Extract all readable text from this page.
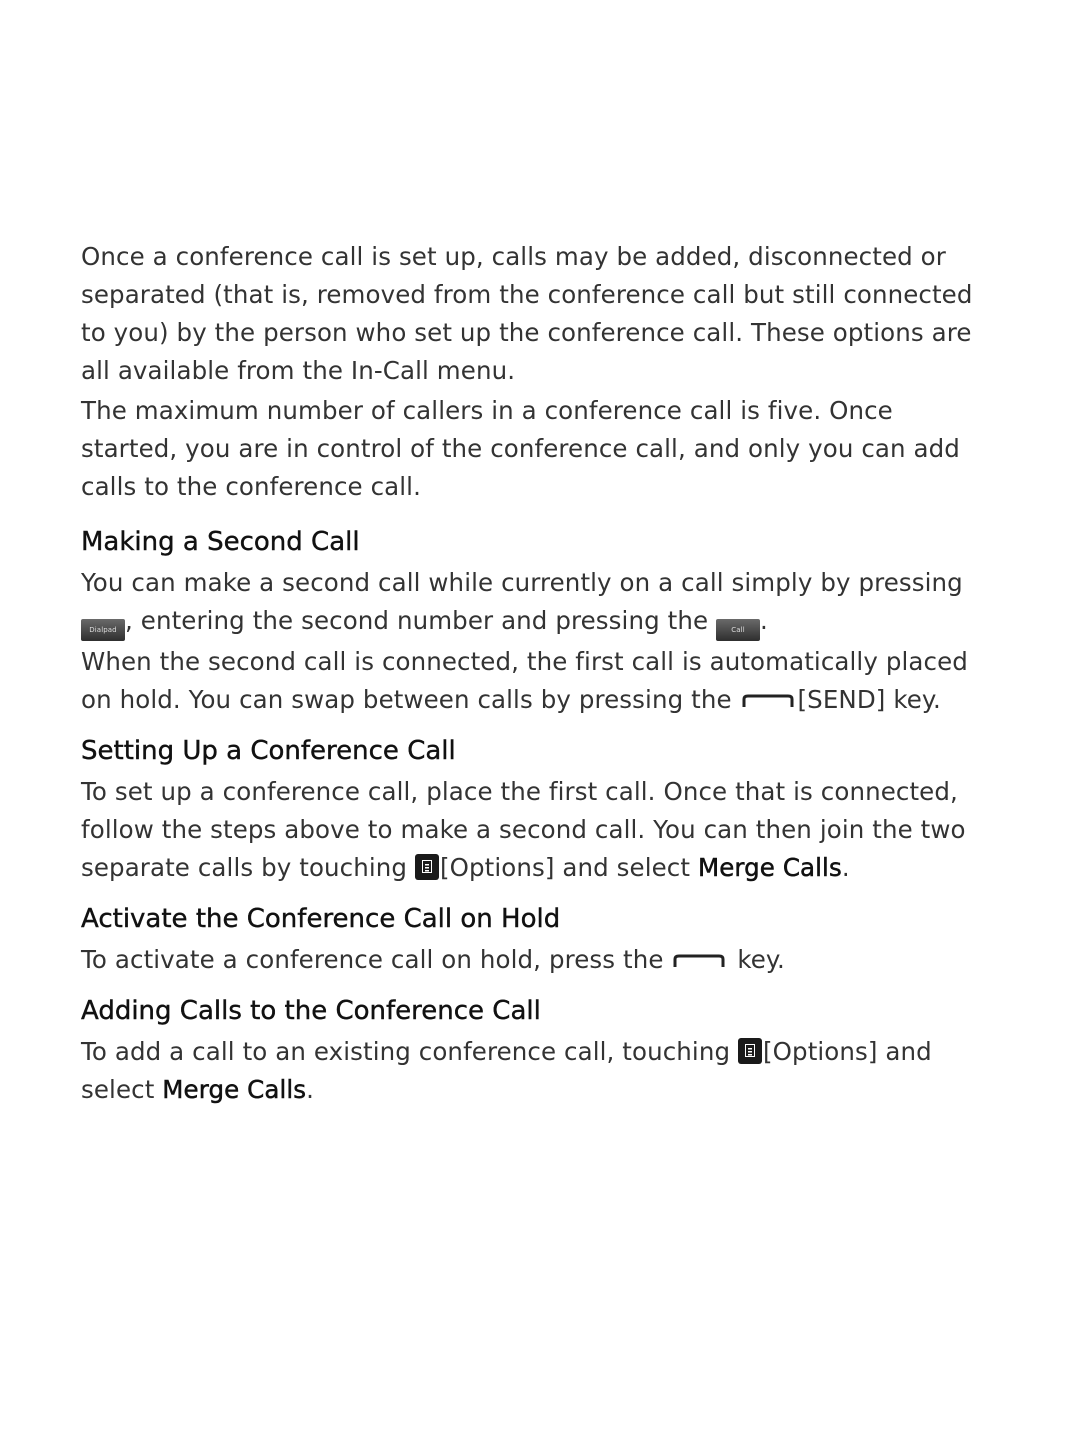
Once a conference call is set up, calls may be added, disconnected or separated (that is, removed from the conference call but still connected to you) by the person who set up the conference call. These options are all available from the In-Call menu.

The maximum number of callers in a conference call is five. Once started, you are in control of the conference call, and only you can add calls to the conference call.

Making a Second Call

You can make a second call while currently on a call simply by pressing Dialpad , entering the second number and pressing the Call .

When the second call is connected, the first call is automatically placed on hold. You can swap between calls by pressing the
[SEND] key.

Setting Up a Conference Call

To set up a conference call, place the first call. Once that is connected, follow the steps above to make a second call. You can then join the two separate calls by touching [Options] and select Merge Calls.

Activate the Conference Call on Hold

To activate a conference call on hold, press the
key.

Adding Calls to the Conference Call

To add a call to an existing conference call, touching [Options] and select Merge Calls.
